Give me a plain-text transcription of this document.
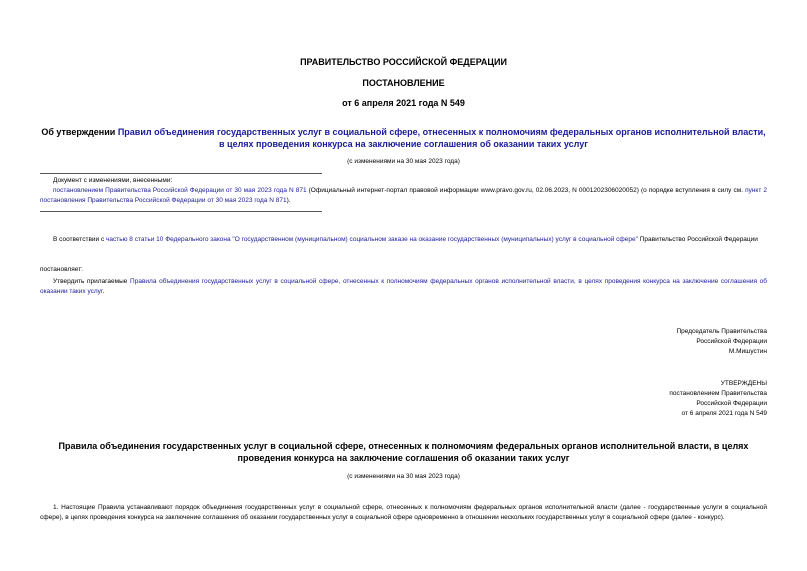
ПРАВИТЕЛЬСТВО РОССИЙСКОЙ ФЕДЕРАЦИИ
ПОСТАНОВЛЕНИЕ
от 6 апреля 2021 года N 549
Об утверждении Правил объединения государственных услуг в социальной сфере, отнесенных к полномочиям федеральных органов исполнительной власти, в целях проведения конкурса на заключение соглашения об оказании таких услуг
(с изменениями на 30 мая 2023 года)
Документ с изменениями, внесенными:
постановлением Правительства Российской Федерации от 30 мая 2023 года N 871 (Официальный интернет-портал правовой информации www.pravo.gov.ru, 02.06.2023, N 0001202306020052) (о порядке вступления в силу см. пункт 2 постановления Правительства Российской Федерации от 30 мая 2023 года N 871).
В соответствии с частью 8 статьи 10 Федерального закона "О государственном (муниципальном) социальном заказе на оказание государственных (муниципальных) услуг в социальной сфере" Правительство Российской Федерации
постановляет:
Утвердить прилагаемые Правила объединения государственных услуг в социальной сфере, отнесенных к полномочиям федеральных органов исполнительной власти, в целях проведения конкурса на заключение соглашения об оказании таких услуг.
Председатель Правительства
Российской Федерации
М.Мишустин
УТВЕРЖДЕНЫ
постановлением Правительства
Российской Федерации
от 6 апреля 2021 года N 549
Правила объединения государственных услуг в социальной сфере, отнесенных к полномочиям федеральных органов исполнительной власти, в целях проведения конкурса на заключение соглашения об оказании таких услуг
(с изменениями на 30 мая 2023 года)
1. Настоящие Правила устанавливают порядок объединения государственных услуг в социальной сфере, отнесенных к полномочиям федеральных органов исполнительной власти (далее - государственные услуги в социальной сфере), в целях проведения конкурса на заключение соглашения об оказании государственных услуг в социальной сфере одновременно в отношении нескольких государственных услуг в социальной сфере (далее - конкурс).
